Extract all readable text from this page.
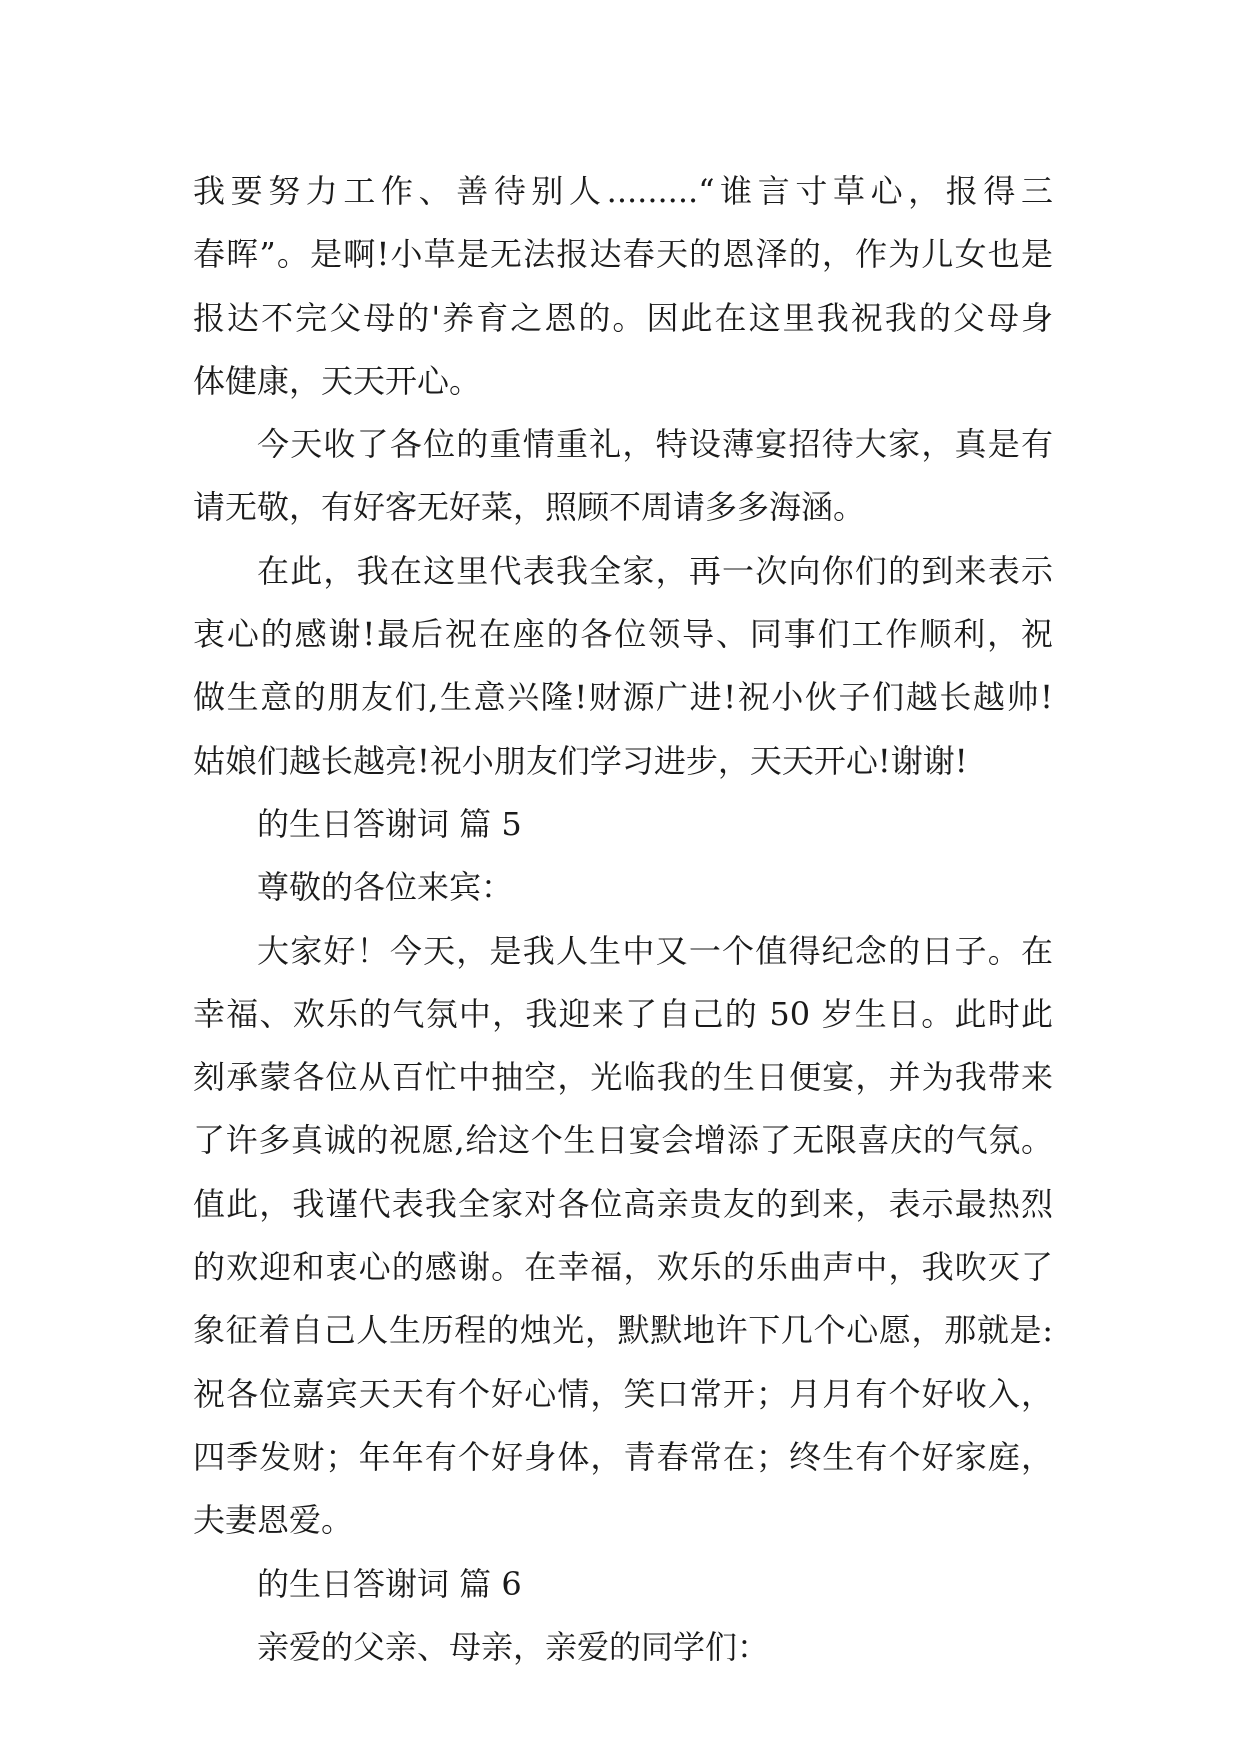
我要努力工作、善待别人.........“谁言寸草心，报得三
春晖”。是啊!小草是无法报达春天的恩泽的，作为儿女也是
报达不完父母的'养育之恩的。因此在这里我祝我的父母身
体健康，天天开心。
今天收了各位的重情重礼，特设薄宴招待大家，真是有
请无敬，有好客无好菜，照顾不周请多多海涵。
在此，我在这里代表我全家，再一次向你们的到来表示
衷心的感谢!最后祝在座的各位领导、同事们工作顺利，祝
做生意的朋友们,生意兴隆!财源广进!祝小伙子们越长越帅!
姑娘们越长越亮!祝小朋友们学习进步，天天开心!谢谢!
的生日答谢词 篇 5
尊敬的各位来宾：
大家好！今天，是我人生中又一个值得纪念的日子。在
幸福、欢乐的气氛中，我迎来了自己的 50 岁生日。此时此
刻承蒙各位从百忙中抽空，光临我的生日便宴，并为我带来
了许多真诚的祝愿,给这个生日宴会增添了无限喜庆的气氛。
值此，我谨代表我全家对各位高亲贵友的到来，表示最热烈
的欢迎和衷心的感谢。在幸福，欢乐的乐曲声中，我吹灭了
象征着自己人生历程的烛光，默默地许下几个心愿，那就是:
祝各位嘉宾天天有个好心情，笑口常开；月月有个好收入，
四季发财；年年有个好身体，青春常在；终生有个好家庭，
夫妻恩爱。
的生日答谢词 篇 6
亲爱的父亲、母亲，亲爱的同学们：
